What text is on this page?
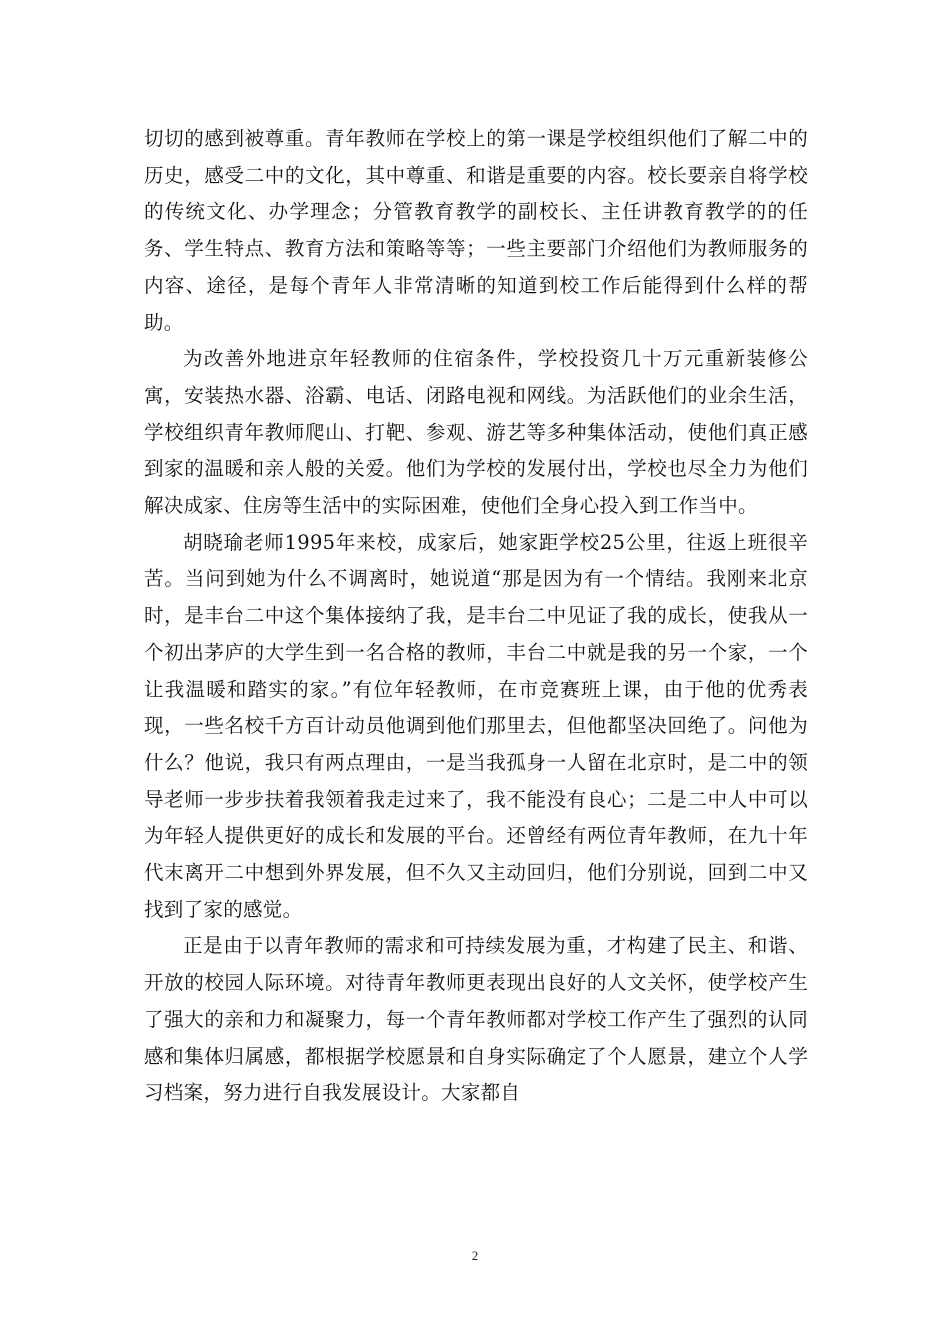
切切的感到被尊重。青年教师在学校上的第一课是学校组织他们了解二中的历史，感受二中的文化，其中尊重、和谐是重要的内容。校长要亲自将学校的传统文化、办学理念；分管教育教学的副校长、主任讲教育教学的的任务、学生特点、教育方法和策略等等；一些主要部门介绍他们为教师服务的内容、途径，是每个青年人非常清晰的知道到校工作后能得到什么样的帮助。

为改善外地进京年轻教师的住宿条件，学校投资几十万元重新装修公寓，安装热水器、浴霸、电话、闭路电视和网线。为活跃他们的业余生活，学校组织青年教师爬山、打靶、参观、游艺等多种集体活动，使他们真正感到家的温暖和亲人般的关爱。他们为学校的发展付出，学校也尽全力为他们解决成家、住房等生活中的实际困难，使他们全身心投入到工作当中。

胡晓瑜老师1995年来校，成家后，她家距学校25公里，往返上班很辛苦。当问到她为什么不调离时，她说道“那是因为有一个情结。我刚来北京时，是丰台二中这个集体接纳了我，是丰台二中见证了我的成长，使我从一个初出茅庐的大学生到一名合格的教师，丰台二中就是我的另一个家，一个让我温暖和踏实的家。”有位年轻教师，在市竞赛班上课，由于他的优秀表现，一些名校千方百计动员他调到他们那里去，但他都坚决回绝了。问他为什么？他说，我只有两点理由，一是当我孤身一人留在北京时，是二中的领导老师一步步扶着我领着我走过来了，我不能没有良心；二是二中人中可以为年轻人提供更好的成长和发展的平台。还曾经有两位青年教师，在九十年代末离开二中想到外界发展，但不久又主动回归，他们分别说，回到二中又找到了家的感觉。

正是由于以青年教师的需求和可持续发展为重，才构建了民主、和谐、开放的校园人际环境。对待青年教师更表现出良好的人文关怀，使学校产生了强大的亲和力和凝聚力，每一个青年教师都对学校工作产生了强烈的认同感和集体归属感，都根据学校愿景和自身实际确定了个人愿景，建立个人学习档案，努力进行自我发展设计。大家都自

2
